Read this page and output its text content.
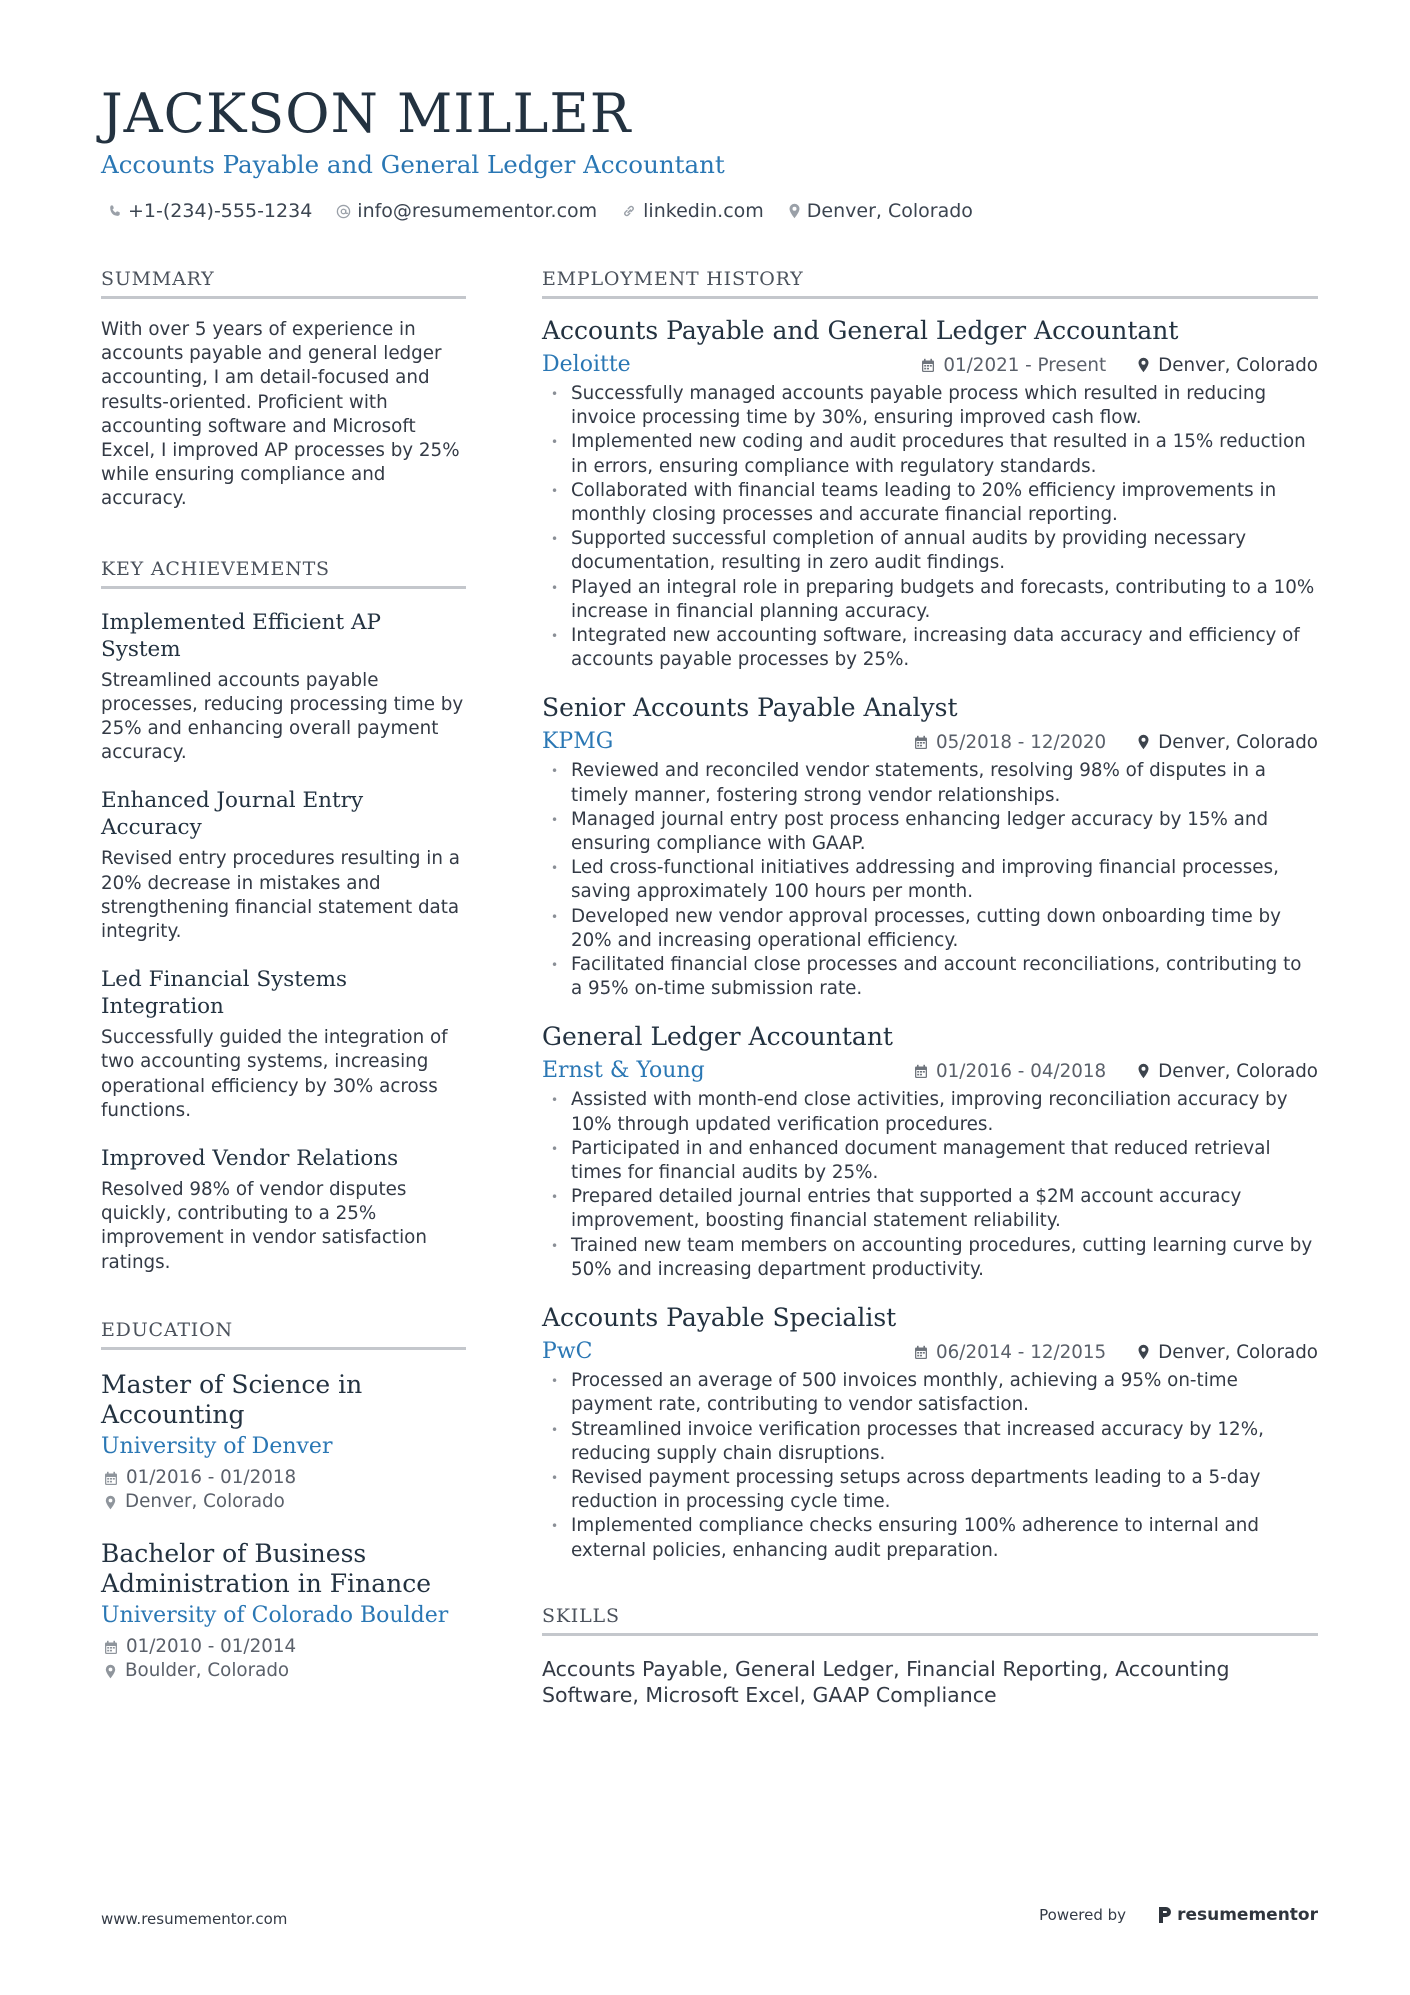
JACKSON MILLER
Accounts Payable and General Ledger Accountant
+1-(234)-555-1234 info@resumementor.com linkedin.com Denver, Colorado
SUMMARY

With over 5 years of experience in accounts payable and general ledger accounting, I am detail-focused and results-oriented. Proficient with accounting software and Microsoft Excel, I improved AP processes by 25% while ensuring compliance and accuracy.

KEY ACHIEVEMENTS
Implemented Efficient AP System

Streamlined accounts payable processes, reducing processing time by 25% and enhancing overall payment accuracy.

Enhanced Journal Entry Accuracy

Revised entry procedures resulting in a 20% decrease in mistakes and strengthening financial statement data integrity.

Led Financial Systems Integration

Successfully guided the integration of two accounting systems, increasing operational efficiency by 30% across functions.

Improved Vendor Relations

Resolved 98% of vendor disputes quickly, contributing to a 25% improvement in vendor satisfaction ratings.

EDUCATION
Master of Science in Accounting
University of Denver
01/2016 - 01/2018
Denver, Colorado
Bachelor of Business Administration in Finance
University of Colorado Boulder
01/2010 - 01/2014
Boulder, Colorado
EMPLOYMENT HISTORY
Accounts Payable and General Ledger Accountant
Deloitte	01/2021 - Present	Denver, Colorado
• Successfully managed accounts payable process which resulted in reducing invoice processing time by 30%, ensuring improved cash flow.
• Implemented new coding and audit procedures that resulted in a 15% reduction in errors, ensuring compliance with regulatory standards.
• Collaborated with financial teams leading to 20% efficiency improvements in monthly closing processes and accurate financial reporting.
• Supported successful completion of annual audits by providing necessary documentation, resulting in zero audit findings.
• Played an integral role in preparing budgets and forecasts, contributing to a 10% increase in financial planning accuracy.
• Integrated new accounting software, increasing data accuracy and efficiency of accounts payable processes by 25%.
Senior Accounts Payable Analyst
KPMG	05/2018 - 12/2020	Denver, Colorado
• Reviewed and reconciled vendor statements, resolving 98% of disputes in a timely manner, fostering strong vendor relationships.
• Managed journal entry post process enhancing ledger accuracy by 15% and ensuring compliance with GAAP.
• Led cross-functional initiatives addressing and improving financial processes, saving approximately 100 hours per month.
• Developed new vendor approval processes, cutting down onboarding time by 20% and increasing operational efficiency.
• Facilitated financial close processes and account reconciliations, contributing to a 95% on-time submission rate.
General Ledger Accountant
Ernst & Young	01/2016 - 04/2018	Denver, Colorado
• Assisted with month-end close activities, improving reconciliation accuracy by 10% through updated verification procedures.
• Participated in and enhanced document management that reduced retrieval times for financial audits by 25%.
• Prepared detailed journal entries that supported a $2M account accuracy improvement, boosting financial statement reliability.
• Trained new team members on accounting procedures, cutting learning curve by 50% and increasing department productivity.
Accounts Payable Specialist
PwC	06/2014 - 12/2015	Denver, Colorado
• Processed an average of 500 invoices monthly, achieving a 95% on-time payment rate, contributing to vendor satisfaction.
• Streamlined invoice verification processes that increased accuracy by 12%, reducing supply chain disruptions.
• Revised payment processing setups across departments leading to a 5-day reduction in processing cycle time.
• Implemented compliance checks ensuring 100% adherence to internal and external policies, enhancing audit preparation.
SKILLS

Accounts Payable, General Ledger, Financial Reporting, Accounting Software, Microsoft Excel, GAAP Compliance

www.resumementor.com	Powered by	resumementor
